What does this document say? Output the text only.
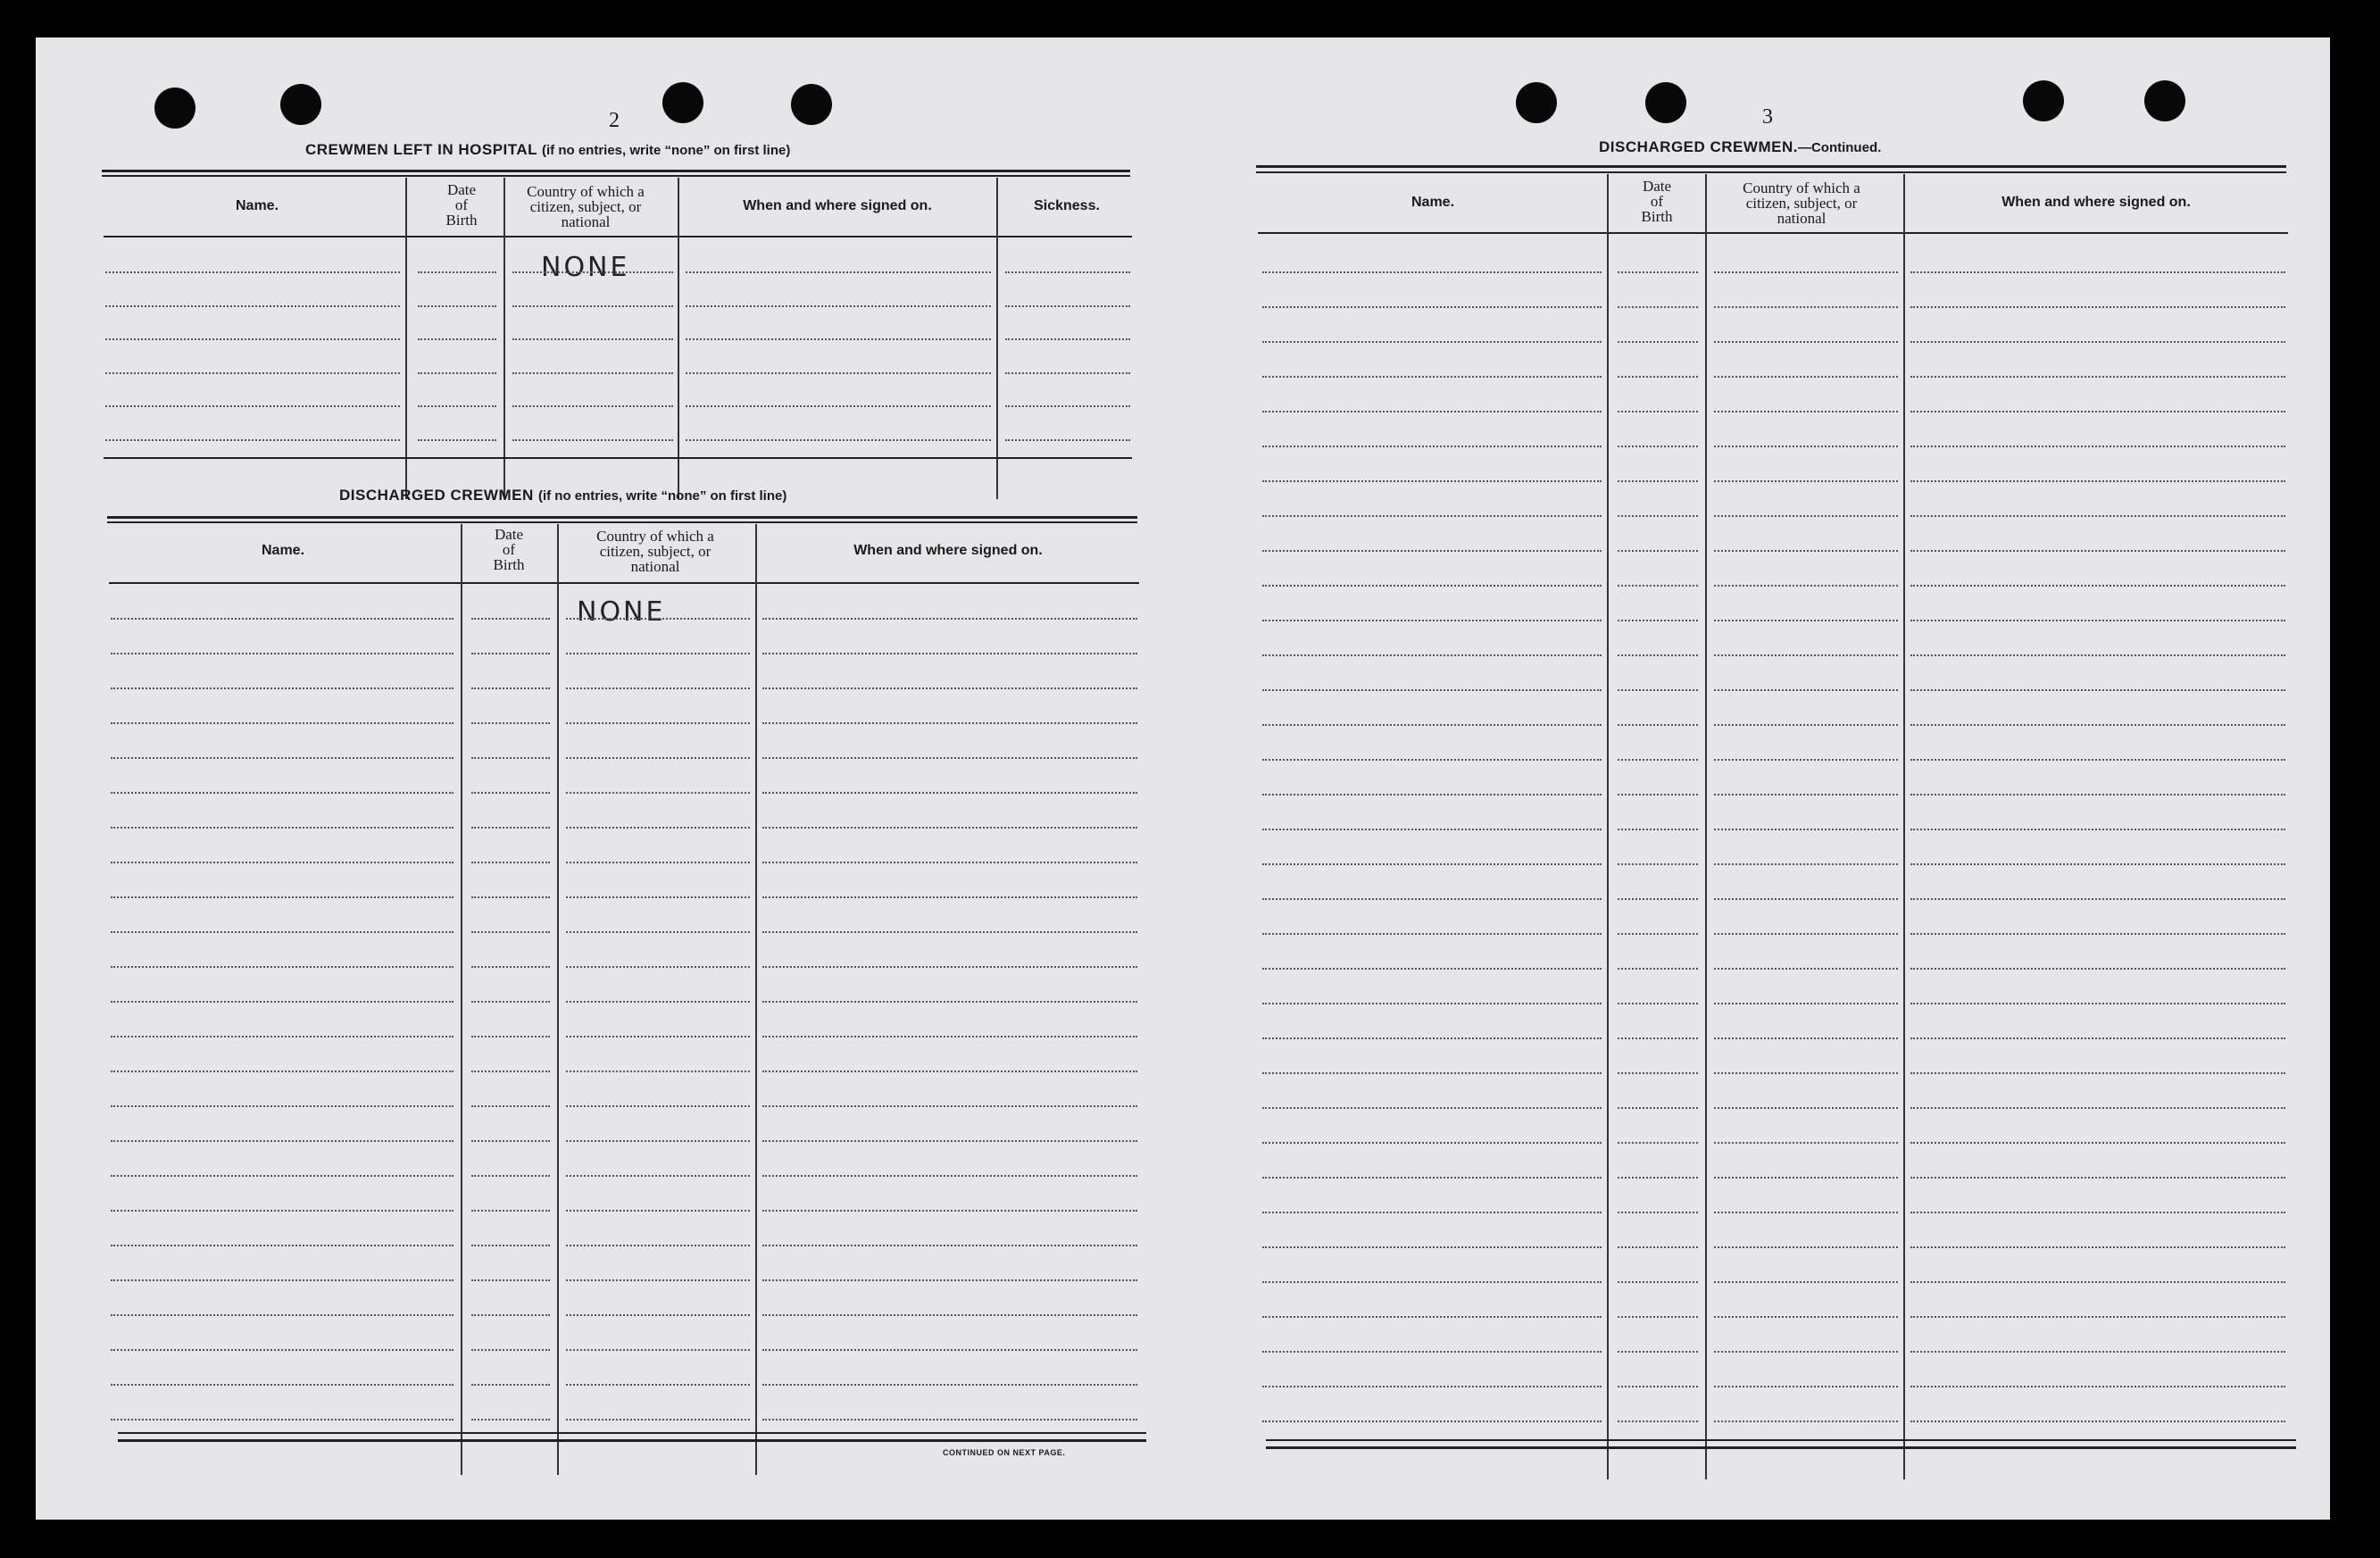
2
CREWMEN LEFT IN HOSPITAL (if no entries, write “none” on first line)
Name.
Date
of
Birth
Country of which a
citizen, subject, or
national
When and where signed on.	Sickness.
NONE
DISCHARGED CREWMEN (if no entries, write “none” on first line)
Name.
Date
of
Birth
Country of which a
citizen, subject, or
national
When and where signed on.
NONE
CONTINUED ON NEXT PAGE.
3
DISCHARGED CREWMEN.—Continued.
Name.
Date
of
Birth
Country of which a
citizen, subject, or
national
When and where signed on.
